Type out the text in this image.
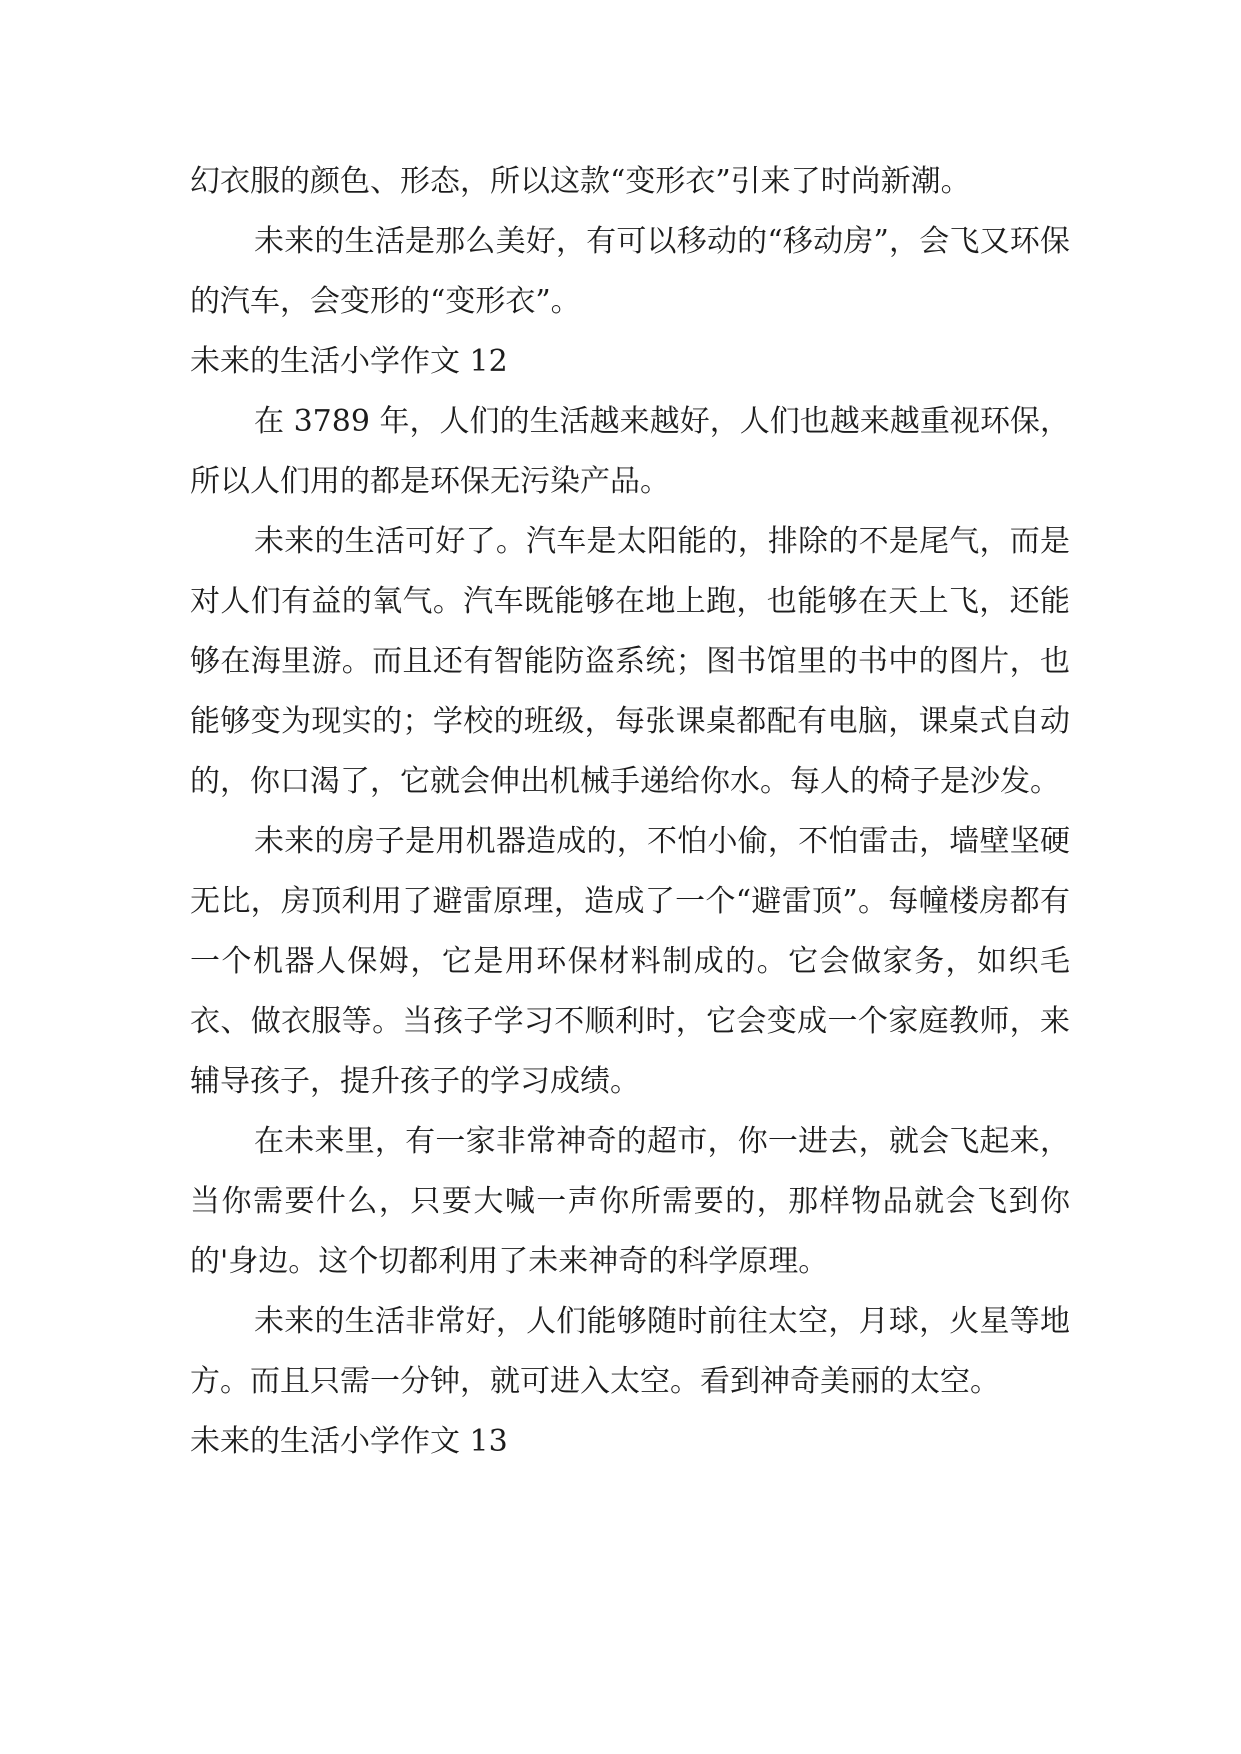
幻衣服的颜色、形态，所以这款“变形衣”引来了时尚新潮。

未来的生活是那么美好，有可以移动的“移动房”，会飞又环保的汽车，会变形的“变形衣”。

未来的生活小学作文 12

在 3789 年，人们的生活越来越好，人们也越来越重视环保，所以人们用的都是环保无污染产品。

未来的生活可好了。汽车是太阳能的，排除的不是尾气，而是对人们有益的氧气。汽车既能够在地上跑，也能够在天上飞，还能够在海里游。而且还有智能防盗系统；图书馆里的书中的图片，也能够变为现实的；学校的班级，每张课桌都配有电脑，课桌式自动的，你口渴了，它就会伸出机械手递给你水。每人的椅子是沙发。

未来的房子是用机器造成的，不怕小偷，不怕雷击，墙壁坚硬无比，房顶利用了避雷原理，造成了一个“避雷顶”。每幢楼房都有一个机器人保姆，它是用环保材料制成的。它会做家务，如织毛衣、做衣服等。当孩子学习不顺利时，它会变成一个家庭教师，来辅导孩子，提升孩子的学习成绩。

在未来里，有一家非常神奇的超市，你一进去，就会飞起来，当你需要什么，只要大喊一声你所需要的，那样物品就会飞到你的'身边。这个切都利用了未来神奇的科学原理。

未来的生活非常好，人们能够随时前往太空，月球，火星等地方。而且只需一分钟，就可进入太空。看到神奇美丽的太空。

未来的生活小学作文 13
